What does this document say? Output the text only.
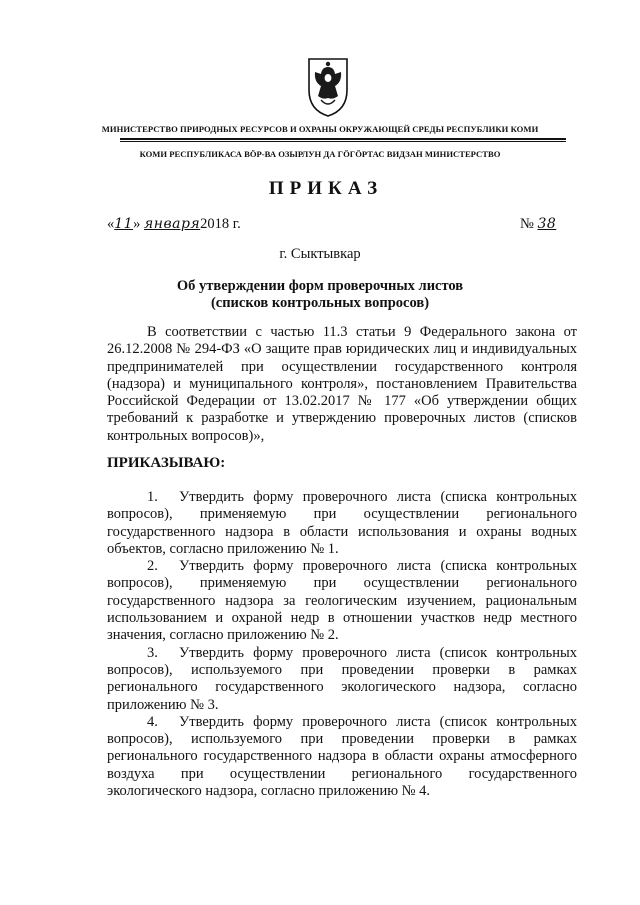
МИНИСТЕРСТВО ПРИРОДНЫХ РЕСУРСОВ И ОХРАНЫ ОКРУЖАЮЩЕЙ СРЕДЫ РЕСПУБЛИКИ КОМИ
КОМИ РЕСПУБЛИКАСА ВÖР-ВА ОЗЫРЛУН ДА ГÖГÖРТАС ВИДЗАН МИНИСТЕРСТВО
ПРИКАЗ
«11» января2018 г.	№ 38
г. Сыктывкар
Об утверждении форм проверочных листов
(списков контрольных вопросов)

В соответствии с частью 11.3 статьи 9 Федерального закона от 26.12.2008 № 294-ФЗ «О защите прав юридических лиц и индивидуальных предпринимателей при осуществлении государственного контроля (надзора) и муниципального контроля», постановлением Правительства Российской Федерации от 13.02.2017 № 177 «Об утверждении общих требований к разработке и утверждению проверочных листов (списков контрольных вопросов)»,

ПРИКАЗЫВАЮ:

1. Утвердить форму проверочного листа (списка контрольных вопросов), применяемую при осуществлении регионального государственного надзора в области использования и охраны водных объектов, согласно приложению № 1.

2. Утвердить форму проверочного листа (списка контрольных вопросов), применяемую при осуществлении регионального государственного надзора за геологическим изучением, рациональным использованием и охраной недр в отношении участков недр местного значения, согласно приложению № 2.

3. Утвердить форму проверочного листа (список контрольных вопросов), используемого при проведении проверки в рамках регионального государственного экологического надзора, согласно приложению № 3.

4. Утвердить форму проверочного листа (список контрольных вопросов), используемого при проведении проверки в рамках регионального государственного надзора в области охраны атмосферного воздуха при осуществлении регионального государственного экологического надзора, согласно приложению № 4.
